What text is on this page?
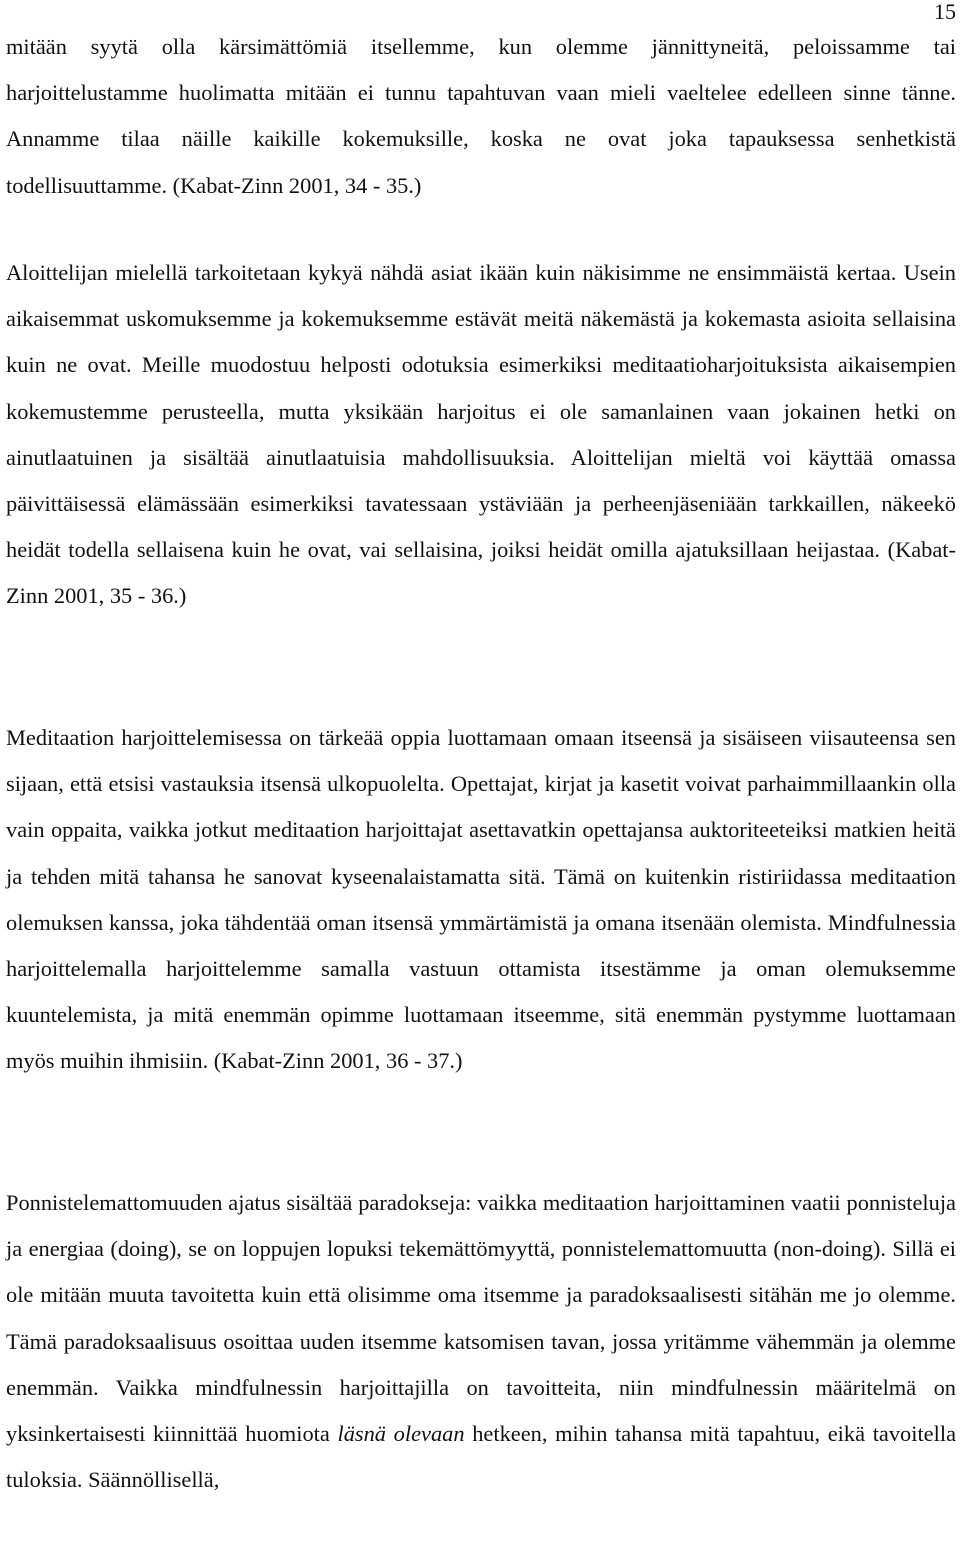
15

mitään syytä olla kärsimättömiä itsellemme, kun olemme jännittyneitä, peloissamme tai harjoittelustamme huolimatta mitään ei tunnu tapahtuvan vaan mieli vaeltelee edelleen sinne tänne. Annamme tilaa näille kaikille kokemuksille, koska ne ovat joka tapauksessa senhetkistä todellisuuttamme. (Kabat-Zinn 2001, 34 - 35.)

Aloittelijan mielellä tarkoitetaan kykyä nähdä asiat ikään kuin näkisimme ne ensimmäistä kertaa. Usein aikaisemmat uskomuksemme ja kokemuksemme estävät meitä näkemästä ja kokemasta asioita sellaisina kuin ne ovat. Meille muodostuu helposti odotuksia esimerkiksi meditaatioharjoituksista aikaisempien kokemustemme perusteella, mutta yksikään harjoitus ei ole samanlainen vaan jokainen hetki on ainutlaatuinen ja sisältää ainutlaatuisia mahdollisuuksia. Aloittelijan mieltä voi käyttää omassa päivittäisessä elämässään esimerkiksi tavatessaan ystäviään ja perheenjäseniään tarkkaillen, näkeekö heidät todella sellaisena kuin he ovat, vai sellaisina, joiksi heidät omilla ajatuksillaan heijastaa. (Kabat-Zinn 2001, 35 - 36.)

Meditaation harjoittelemisessa on tärkeää oppia luottamaan omaan itseensä ja sisäiseen viisauteensa sen sijaan, että etsisi vastauksia itsensä ulkopuolelta. Opettajat, kirjat ja kasetit voivat parhaimmillaankin olla vain oppaita, vaikka jotkut meditaation harjoittajat asettavatkin opettajansa auktoriteeteiksi matkien heitä ja tehden mitä tahansa he sanovat kyseenalaistamatta sitä. Tämä on kuitenkin ristiriidassa meditaation olemuksen kanssa, joka tähdentää oman itsensä ymmärtämistä ja omana itsenään olemista. Mindfulnessia harjoittelemalla harjoittelemme samalla vastuun ottamista itsestämme ja oman olemuksemme kuuntelemista, ja mitä enemmän opimme luottamaan itseemme, sitä enemmän pystymme luottamaan myös muihin ihmisiin. (Kabat-Zinn 2001, 36 - 37.)

Ponnistelemattomuuden ajatus sisältää paradokseja: vaikka meditaation harjoittaminen vaatii ponnisteluja ja energiaa (doing), se on loppujen lopuksi tekemättömyyttä, ponnistelemattomuutta (non-doing). Sillä ei ole mitään muuta tavoitetta kuin että olisimme oma itsemme ja paradoksaalisesti sitähän me jo olemme. Tämä paradoksaalisuus osoittaa uuden itsemme katsomisen tavan, jossa yritämme vähemmän ja olemme enemmän. Vaikka mindfulnessin harjoittajilla on tavoitteita, niin mindfulnessin määritelmä on yksinkertaisesti kiinnittää huomiota läsnä olevaan hetkeen, mihin tahansa mitä tapahtuu, eikä tavoitella tuloksia. Säännöllisellä,
